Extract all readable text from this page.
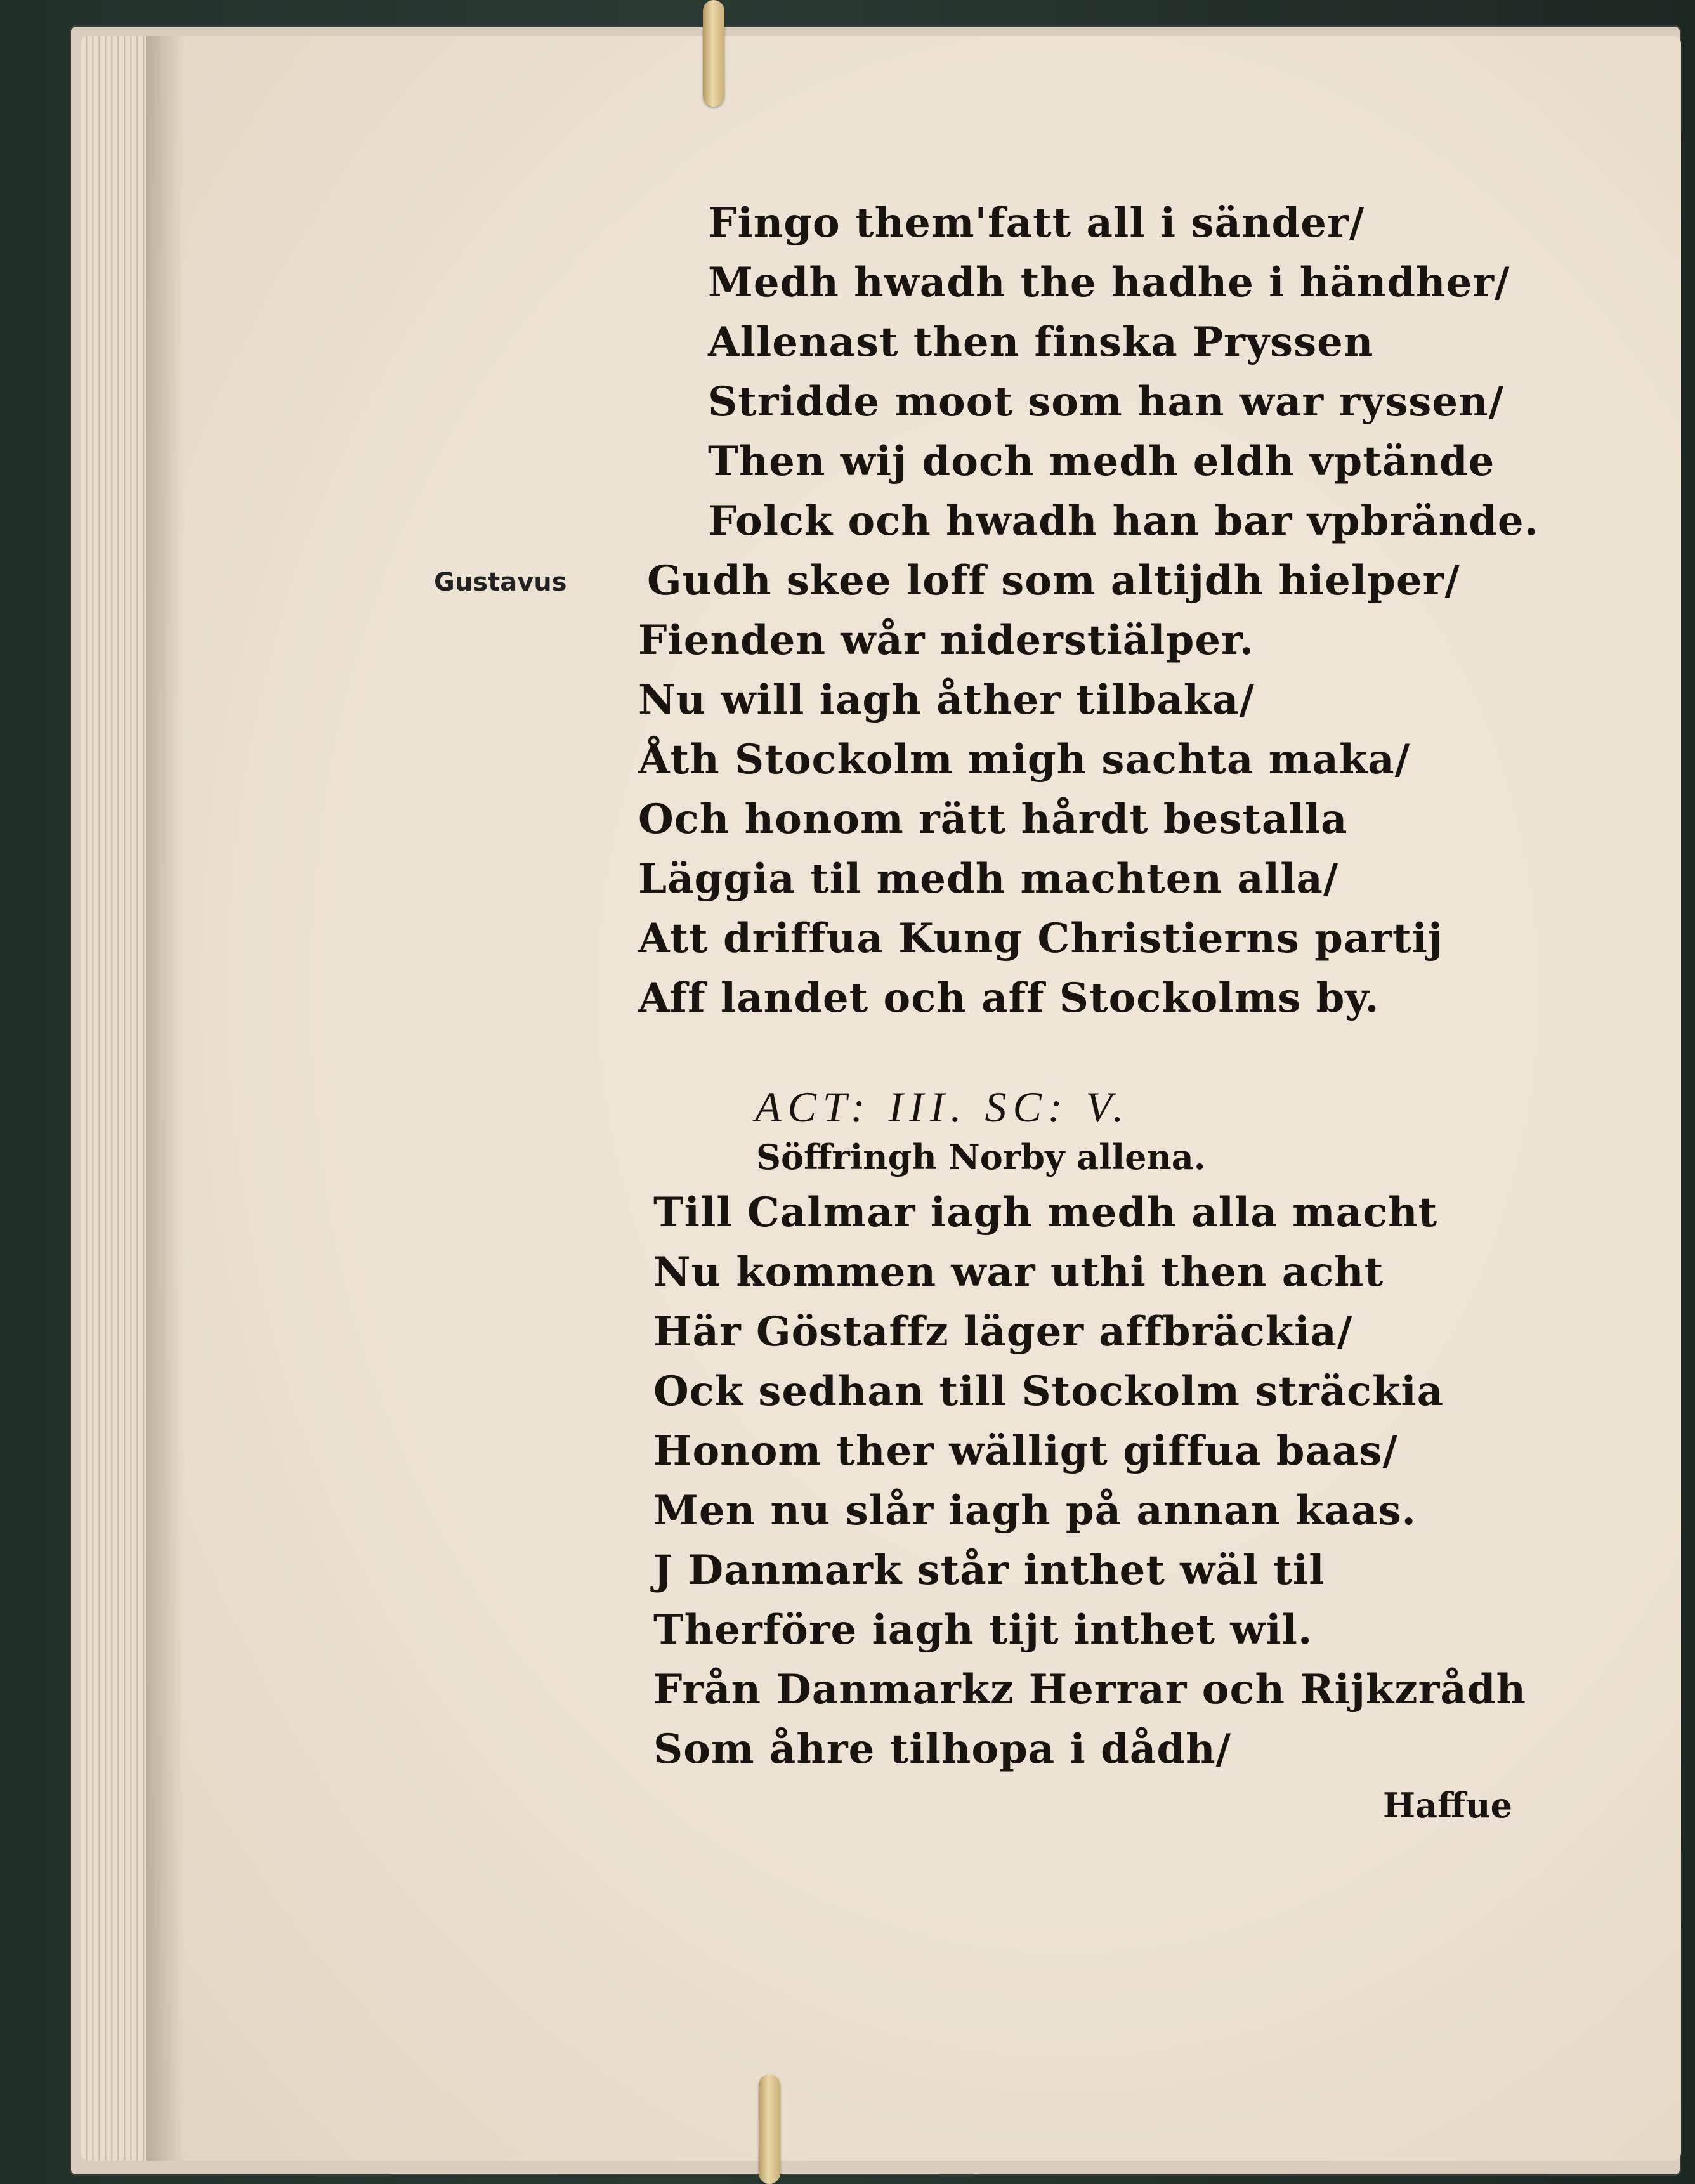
Fingo them'fatt all i sänder/
Medh hwadh the hadhe i händher/
Allenast then finska Pryssen
Stridde moot som han war ryssen/
Then wij doch medh eldh vptände
Folck och hwadh han bar vpbrände.
Gustavus Gudh skee loff som altijdh hielper/
Fienden wår niderstiälper.
Nu will iagh åther tilbaka/
Åth Stockolm migh sachta maka/
Och honom rätt hårdt bestalla
Läggia til medh machten alla/
Att driffua Kung Christierns partij
Aff landet och aff Stockolms by.
ACT: III. SC: V.
Söffringh Norby allena.
Till Calmar iagh medh alla macht
Nu kommen war uthi then acht
Här Göstaffz läger affbräckia/
Ock sedhan till Stockolm sträckia
Honom ther wälligt giffua baas/
Men nu slår iagh på annan kaas.
J Danmark står inthet wäl til
Therföre iagh tijt inthet wil.
Från Danmarkz Herrar och Rijkzrådh
Som åhre tilhopa i dådh/
Haffue
